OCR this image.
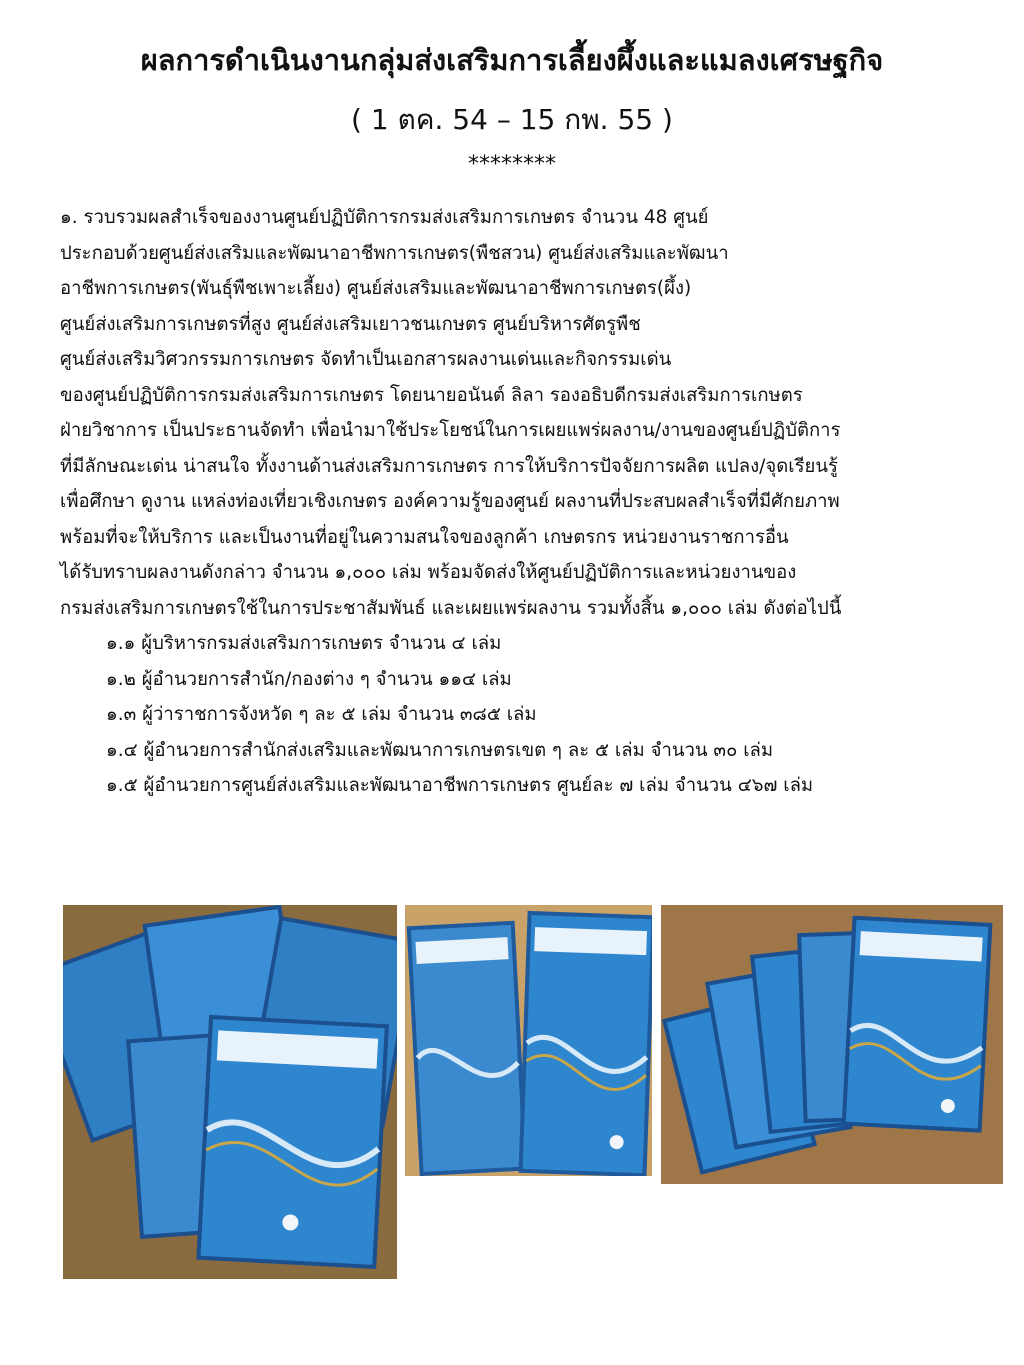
ผลการดำเนินงานกลุ่มส่งเสริมการเลี้ยงผึ้งและแมลงเศรษฐกิจ
( 1 ตค. 54 – 15 กพ. 55 )
********
๑. รวบรวมผลสำเร็จของงานศูนย์ปฏิบัติการกรมส่งเสริมการเกษตร จำนวน 48 ศูนย์
ประกอบด้วยศูนย์ส่งเสริมและพัฒนาอาชีพการเกษตร(พืชสวน) ศูนย์ส่งเสริมและพัฒนา
อาชีพการเกษตร(พันธุ์พืชเพาะเลี้ยง) ศูนย์ส่งเสริมและพัฒนาอาชีพการเกษตร(ผึ้ง)
ศูนย์ส่งเสริมการเกษตรที่สูง ศูนย์ส่งเสริมเยาวชนเกษตร ศูนย์บริหารศัตรูพืช
ศูนย์ส่งเสริมวิศวกรรมการเกษตร จัดทำเป็นเอกสารผลงานเด่นและกิจกรรมเด่น
ของศูนย์ปฏิบัติการกรมส่งเสริมการเกษตร โดยนายอนันต์ ลิลา รองอธิบดีกรมส่งเสริมการเกษตร
ฝ่ายวิชาการ เป็นประธานจัดทำ เพื่อนำมาใช้ประโยชน์ในการเผยแพร่ผลงาน/งานของศูนย์ปฏิบัติการ
ที่มีลักษณะเด่น น่าสนใจ ทั้งงานด้านส่งเสริมการเกษตร การให้บริการปัจจัยการผลิต แปลง/จุดเรียนรู้
เพื่อศึกษา ดูงาน แหล่งท่องเที่ยวเชิงเกษตร องค์ความรู้ของศูนย์ ผลงานที่ประสบผลสำเร็จที่มีศักยภาพ
พร้อมที่จะให้บริการ และเป็นงานที่อยู่ในความสนใจของลูกค้า เกษตรกร หน่วยงานราชการอื่น
ได้รับทราบผลงานดังกล่าว จำนวน ๑,๐๐๐ เล่ม พร้อมจัดส่งให้ศูนย์ปฏิบัติการและหน่วยงานของ
กรมส่งเสริมการเกษตรใช้ในการประชาสัมพันธ์ และเผยแพร่ผลงาน รวมทั้งสิ้น ๑,๐๐๐ เล่ม ดังต่อไปนี้
๑.๑ ผู้บริหารกรมส่งเสริมการเกษตร จำนวน ๔ เล่ม
๑.๒ ผู้อำนวยการสำนัก/กองต่าง ๆ จำนวน ๑๑๔ เล่ม
๑.๓ ผู้ว่าราชการจังหวัด ๆ ละ ๕ เล่ม จำนวน ๓๘๕ เล่ม
๑.๔ ผู้อำนวยการสำนักส่งเสริมและพัฒนาการเกษตรเขต ๆ ละ ๕ เล่ม จำนวน ๓๐ เล่ม
๑.๕ ผู้อำนวยการศูนย์ส่งเสริมและพัฒนาอาชีพการเกษตร ศูนย์ละ ๗ เล่ม จำนวน ๔๖๗ เล่ม
